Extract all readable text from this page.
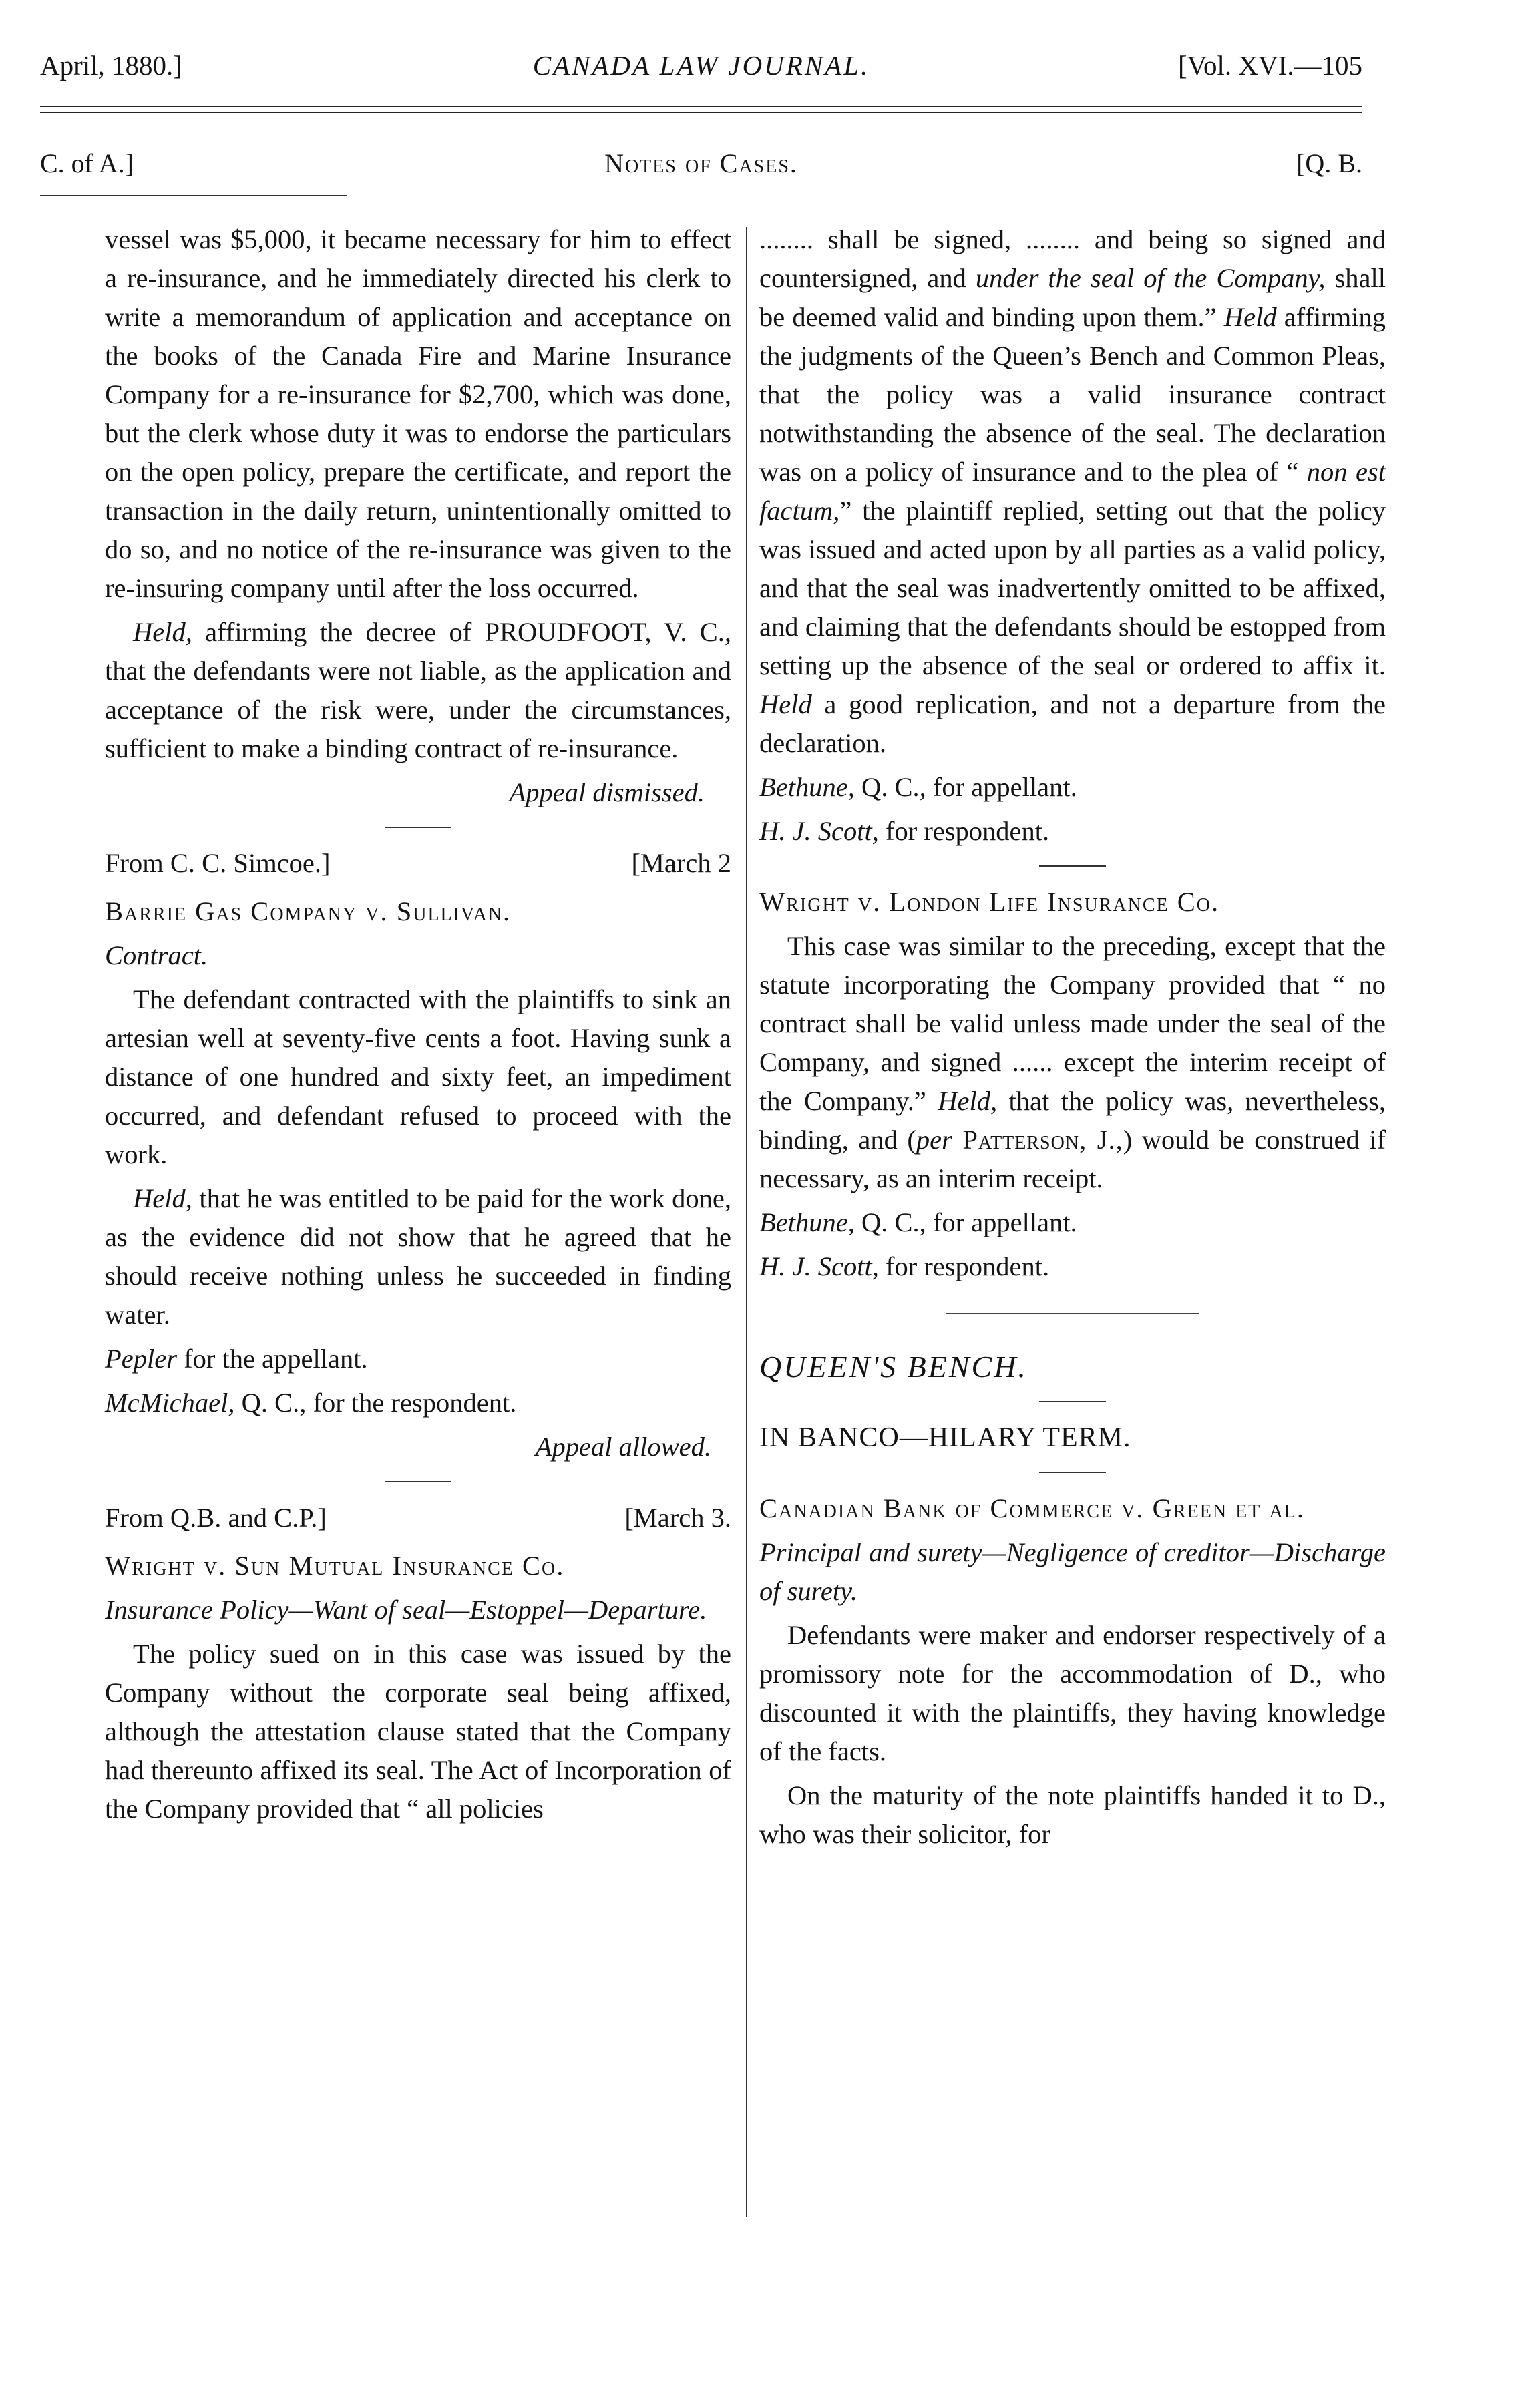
April, 1880.]	CANADA LAW JOURNAL.	[Vol. XVI.—105
C. of A.]	Notes of Cases.	[Q. B.

vessel was $5,000, it became necessary for him to effect a re-insurance, and he immediately directed his clerk to write a memorandum of application and acceptance on the books of the Canada Fire and Marine Insurance Company for a re-insurance for $2,700, which was done, but the clerk whose duty it was to endorse the particulars on the open policy, prepare the certificate, and report the transaction in the daily return, unintentionally omitted to do so, and no notice of the re-insurance was given to the re-insuring company until after the loss occurred.

Held, affirming the decree of PROUDFOOT, V. C., that the defendants were not liable, as the application and acceptance of the risk were, under the circumstances, sufficient to make a binding contract of re-insurance.

Appeal dismissed.

From C. C. Simcoe.]	[March 2

Barrie Gas Company v. Sullivan.

Contract.

The defendant contracted with the plaintiffs to sink an artesian well at seventy-five cents a foot. Having sunk a distance of one hundred and sixty feet, an impediment occurred, and defendant refused to proceed with the work.

Held, that he was entitled to be paid for the work done, as the evidence did not show that he agreed that he should receive nothing unless he succeeded in finding water.

Pepler for the appellant.

McMichael, Q. C., for the respondent.

Appeal allowed.

From Q.B. and C.P.]	[March 3.

Wright v. Sun Mutual Insurance Co.

Insurance Policy—Want of seal—Estoppel—Departure.

The policy sued on in this case was issued by the Company without the corporate seal being affixed, although the attestation clause stated that the Company had thereunto affixed its seal. The Act of Incorporation of the Company provided that “ all policies

........ shall be signed, ........ and being so signed and countersigned, and under the seal of the Company, shall be deemed valid and binding upon them.” Held affirming the judgments of the Queen’s Bench and Common Pleas, that the policy was a valid insurance contract notwithstanding the absence of the seal. The declaration was on a policy of insurance and to the plea of “ non est factum,” the plaintiff replied, setting out that the policy was issued and acted upon by all parties as a valid policy, and that the seal was inadvertently omitted to be affixed, and claiming that the defendants should be estopped from setting up the absence of the seal or ordered to affix it. Held a good replication, and not a departure from the declaration.

Bethune, Q. C., for appellant.

H. J. Scott, for respondent.

Wright v. London Life Insurance Co.

This case was similar to the preceding, except that the statute incorporating the Company provided that “ no contract shall be valid unless made under the seal of the Company, and signed ...... except the interim receipt of the Company.” Held, that the policy was, nevertheless, binding, and (per Patterson, J.,) would be construed if necessary, as an interim receipt.

Bethune, Q. C., for appellant.

H. J. Scott, for respondent.

QUEEN'S BENCH.

IN BANCO—HILARY TERM.

Canadian Bank of Commerce v. Green et al.

Principal and surety—Negligence of creditor—Discharge of surety.

Defendants were maker and endorser respectively of a promissory note for the accommodation of D., who discounted it with the plaintiffs, they having knowledge of the facts.

On the maturity of the note plaintiffs handed it to D., who was their solicitor, for
